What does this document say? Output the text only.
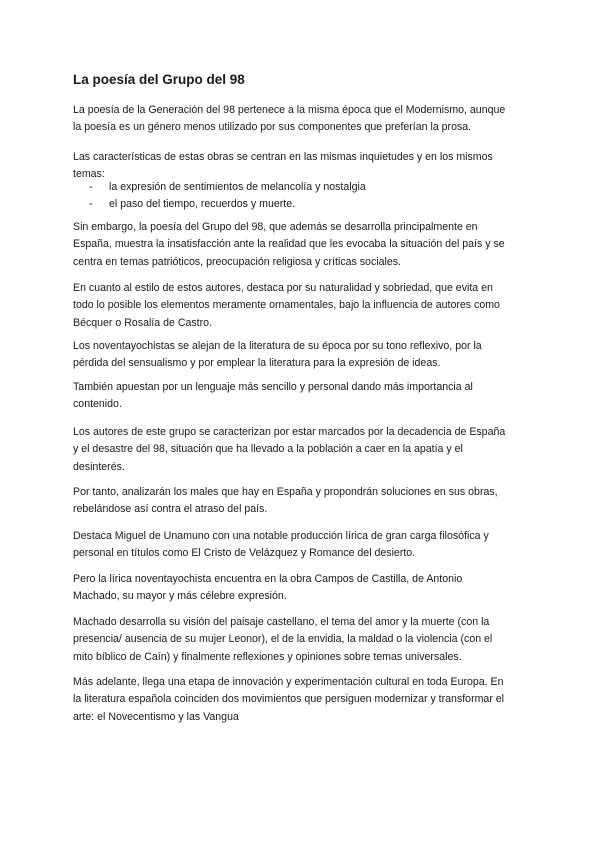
La poesía del Grupo del 98

La poesía de la Generación del 98 pertenece a la misma época que el Modernismo, aunque
la poesía es un género menos utilizado por sus componentes que preferían la prosa.

Las características de estas obras se centran en las mismas inquietudes y en los mismos
temas:

- la expresión de sentimientos de melancolía y nostalgia
- el paso del tiempo, recuerdos y muerte.

Sin embargo, la poesía del Grupo del 98, que además se desarrolla principalmente en
España, muestra la insatisfacción ante la realidad que les evocaba la situación del país y se
centra en temas patrióticos, preocupación religiosa y críticas sociales.

En cuanto al estilo de estos autores, destaca por su naturalidad y sobriedad, que evita en
todo lo posible los elementos meramente ornamentales, bajo la influencia de autores como
Bécquer o Rosalía de Castro.

Los noventayochistas se alejan de la literatura de su época por su tono reflexivo, por la
pérdida del sensualismo y por emplear la literatura para la expresión de ideas.

También apuestan por un lenguaje más sencillo y personal dando más importancia al
contenido.

Los autores de este grupo se caracterizan por estar marcados por la decadencia de España
y el desastre del 98, situación que ha llevado a la población a caer en la apatía y el
desinterés.

Por tanto, analizarán los males que hay en España y propondrán soluciones en sus obras,
rebelándose así contra el atraso del país.

Destaca Miguel de Unamuno con una notable producción lírica de gran carga filosófica y
personal en títulos como El Cristo de Velázquez y Romance del desierto.

Pero la lírica noventayochista encuentra en la obra Campos de Castilla, de Antonio
Machado, su mayor y más célebre expresión.

Machado desarrolla su visión del paisaje castellano, el tema del amor y la muerte (con la
presencia/ ausencia de su mujer Leonor), el de la envidia, la maldad o la violencia (con el
mito bíblico de Caín) y finalmente reflexiones y opiniones sobre temas universales.

Más adelante, llega una etapa de innovación y experimentación cultural en toda Europa. En
la literatura española coinciden dos movimientos que persiguen modernizar y transformar el
arte: el Novecentismo y las Vangua
